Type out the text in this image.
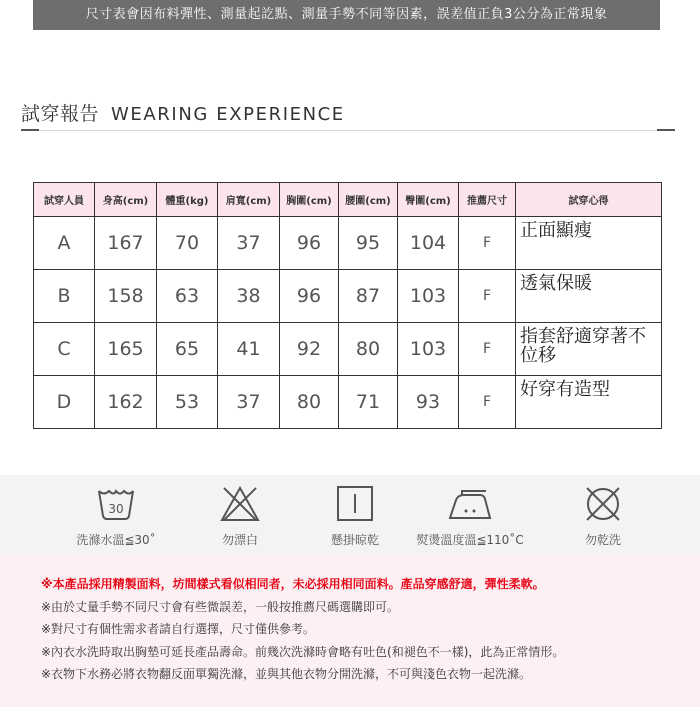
尺寸表會因布料彈性、測量起訖點、測量手勢不同等因素，誤差值正負3公分為正常現象
試穿報告 WEARING EXPERIENCE
試穿人員	身高(cm)	體重(kg)	肩寬(cm)	胸圍(cm)	腰圍(cm)	臀圍(cm)	推薦尺寸	試穿心得
A	167	70	37	96	95	104	F	正面顯瘦
B	158	63	38	96	87	103	F	透氣保暖
C	165	65	41	92	80	103	F	指套舒適穿著不位移
D	162	53	37	80	71	93	F	好穿有造型
30
洗滌水溫≦30˚	勿漂白	懸掛晾乾	熨燙溫度溫≦110˚C	勿乾洗
※本產品採用精製面料，坊間樣式看似相同者，未必採用相同面料。產品穿感舒適，彈性柔軟。
※由於丈量手勢不同尺寸會有些微誤差，一般按推薦尺碼選購即可。
※對尺寸有個性需求者請自行選擇，尺寸僅供參考。
※內衣水洗時取出胸墊可延長產品壽命。前幾次洗滌時會略有吐色(和褪色不一樣)，此為正常情形。
※衣物下水務必將衣物翻反面單獨洗滌，並與其他衣物分開洗滌，不可與淺色衣物一起洗滌。
